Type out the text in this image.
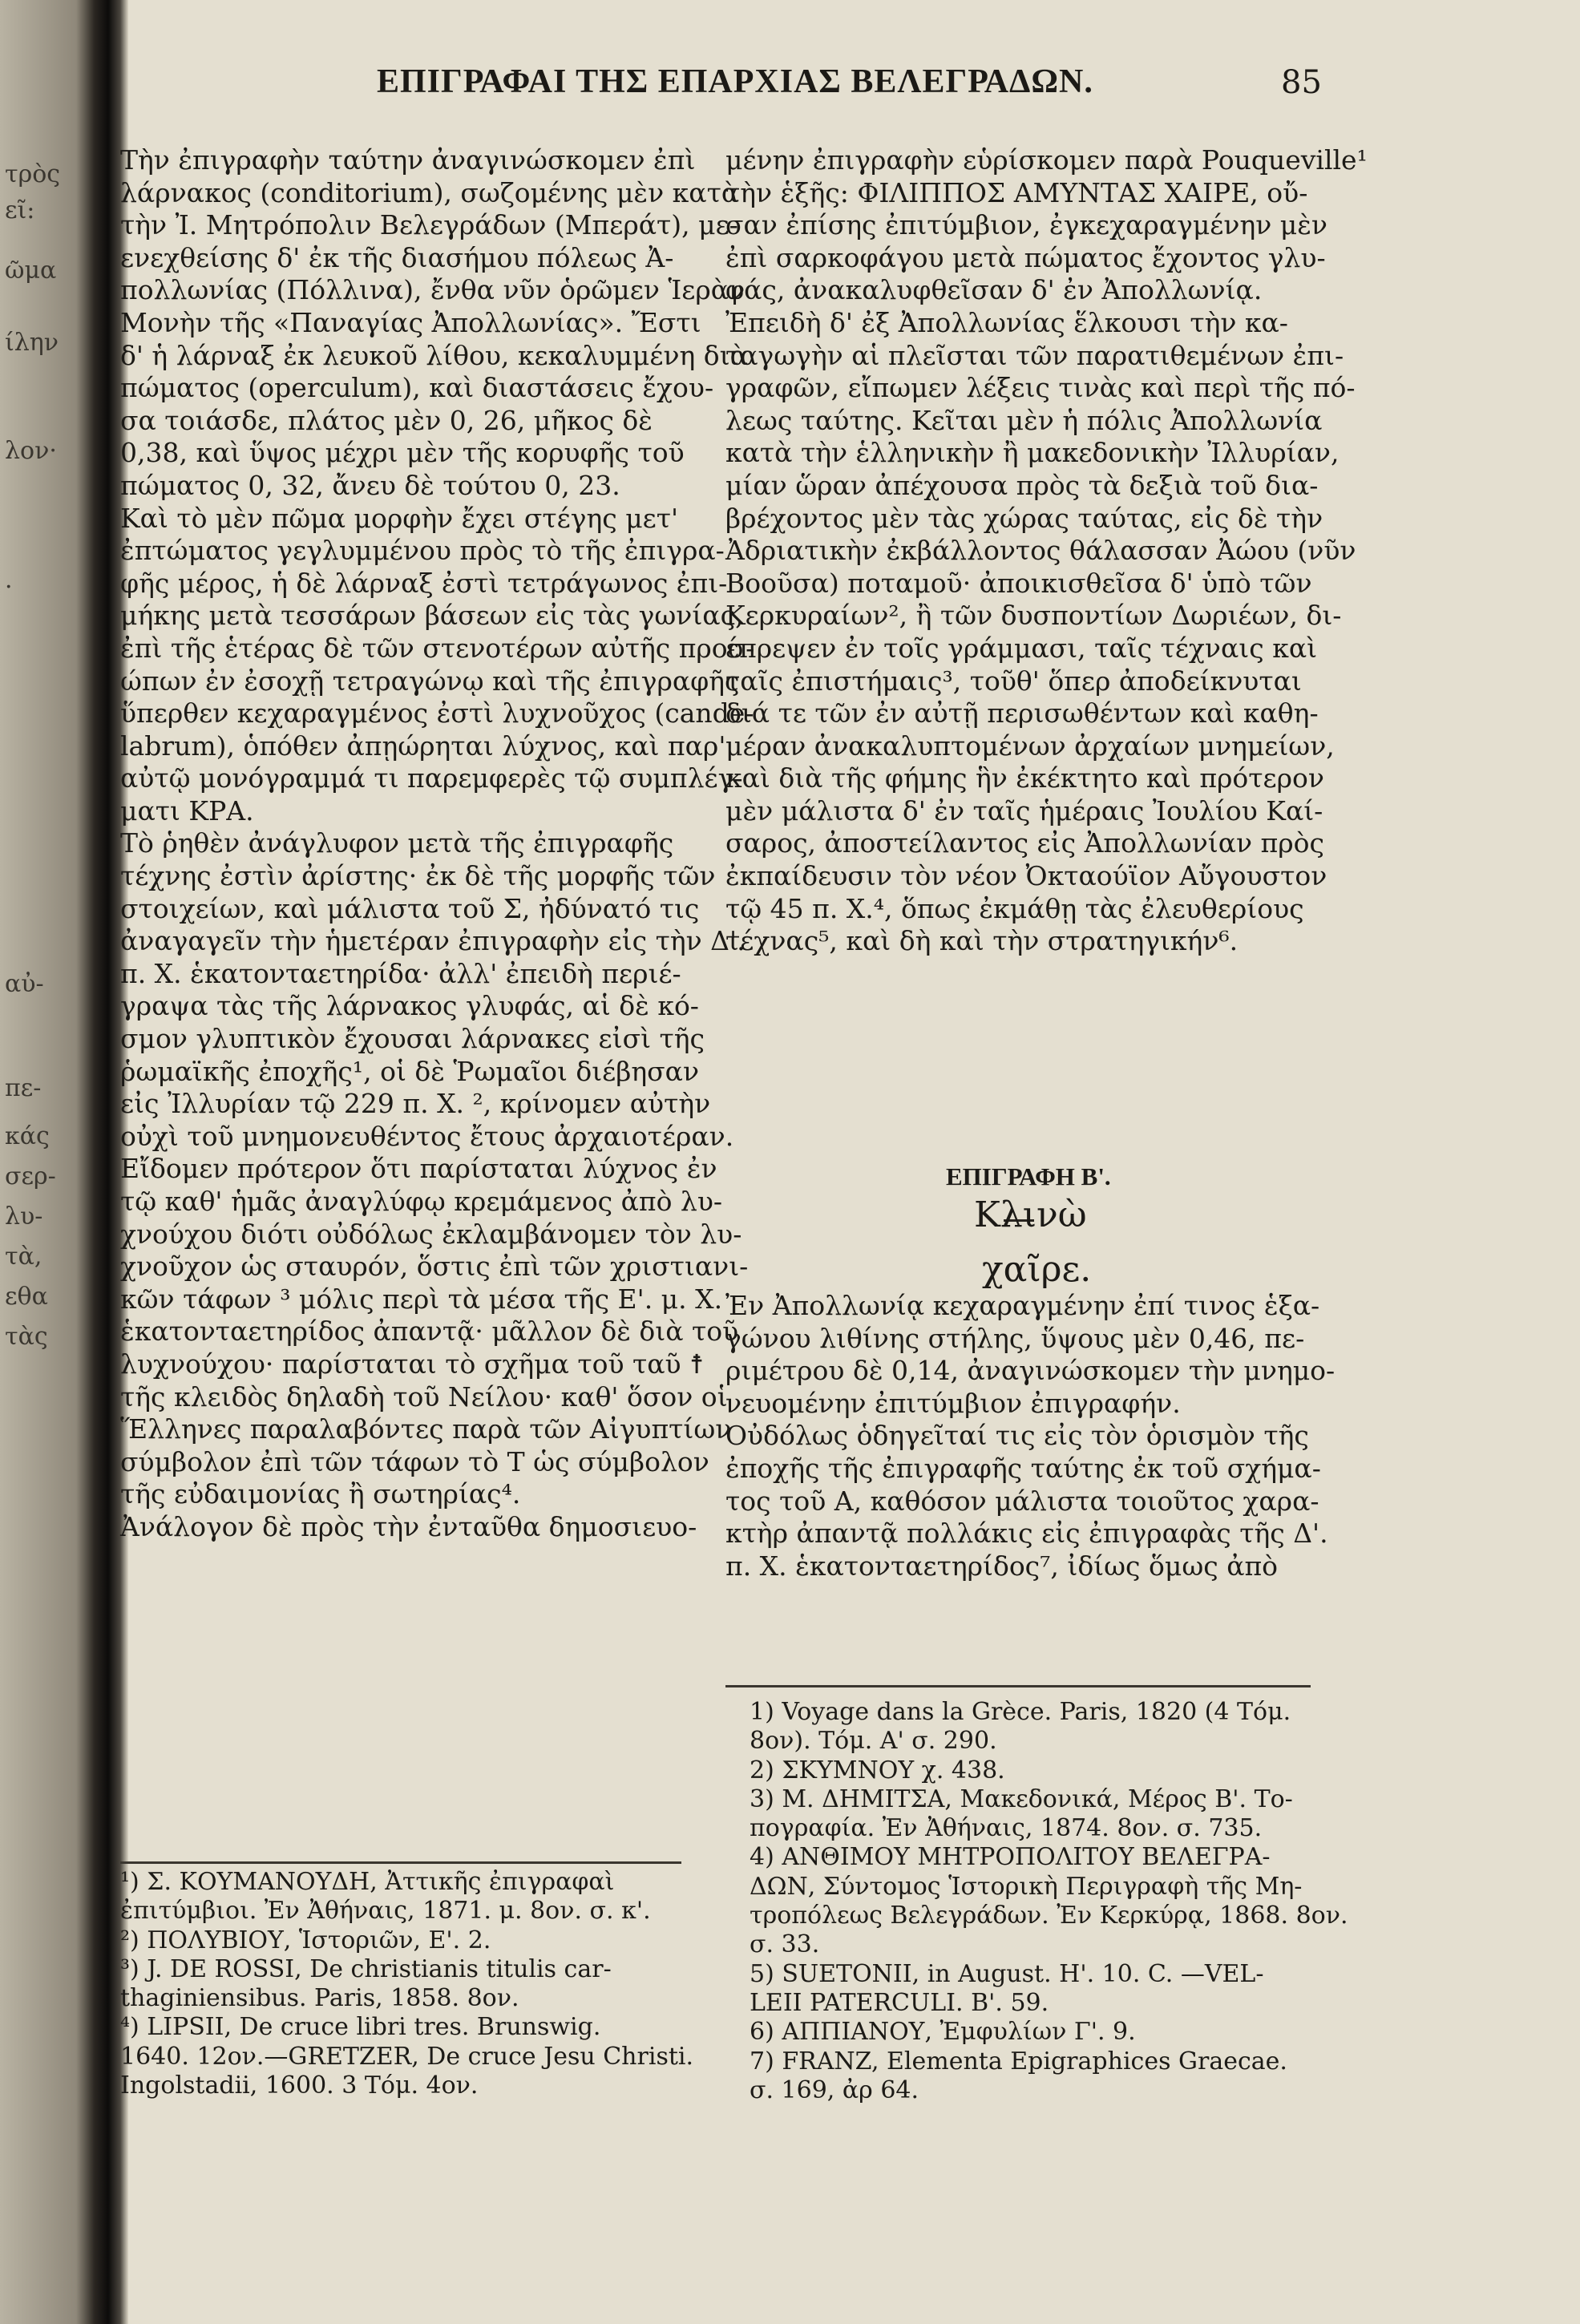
τρὸς
εῖ:
ῶμα
ίλην
λον·
·
αὐ-
πε-
κάς
σερ-
λυ-
τὰ,
εθα
τὰς
ΕΠΙΓΡΑΦΑΙ ΤΗΣ ΕΠΑΡΧΙΑΣ ΒΕΛΕΓΡΑΔΩΝ.	85
Τὴν ἐπιγραφὴν ταύτην ἀναγινώσκομεν ἐπὶ
λάρνακος (conditorium), σωζομένης μὲν κατὰ
τὴν Ἰ. Μητρόπολιν Βελεγράδων (Μπεράτ), με-
ενεχθείσης δ' ἐκ τῆς διασήμου πόλεως Ἀ-
πολλωνίας (Πόλλινα), ἔνθα νῦν ὁρῶμεν Ἱερὰν
Μονὴν τῆς «Παναγίας Ἀπολλωνίας». Ἔστι
δ' ἡ λάρναξ ἐκ λευκοῦ λίθου, κεκαλυμμένη διὰ
πώματος (operculum), καὶ διαστάσεις ἔχου-
σα τοιάσδε, πλάτος μὲν 0, 26, μῆκος δὲ
0,38, καὶ ὕψος μέχρι μὲν τῆς κορυφῆς τοῦ
πώματος 0, 32, ἄνευ δὲ τούτου 0, 23.
Καὶ τὸ μὲν πῶμα μορφὴν ἔχει στέγης μετ'
ἐπτώματος γεγλυμμένου πρὸς τὸ τῆς ἐπιγρα-
φῆς μέρος, ἡ δὲ λάρναξ ἐστὶ τετράγωνος ἐπι-
μήκης μετὰ τεσσάρων βάσεων εἰς τὰς γωνίας,
ἐπὶ τῆς ἑτέρας δὲ τῶν στενοτέρων αὐτῆς προσ-
ώπων ἐν ἐσοχῇ τετραγώνῳ καὶ τῆς ἐπιγραφῆς
ὕπερθεν κεχαραγμένος ἐστὶ λυχνοῦχος (cande-
labrum), ὁπόθεν ἀπῃώρηται λύχνος, καὶ παρ'
αὐτῷ μονόγραμμά τι παρεμφερὲς τῷ συμπλέγ-
ματι ΚΡΑ.
Τὸ ῥηθὲν ἀνάγλυφον μετὰ τῆς ἐπιγραφῆς
τέχνης ἐστὶν ἀρίστης· ἐκ δὲ τῆς μορφῆς τῶν
στοιχείων, καὶ μάλιστα τοῦ Σ, ἠδύνατό τις
ἀναγαγεῖν τὴν ἡμετέραν ἐπιγραφὴν εἰς τὴν Δ'.
π. Χ. ἑκατονταετηρίδα· ἀλλ' ἐπειδὴ περιέ-
γραψα τὰς τῆς λάρνακος γλυφάς, αἱ δὲ κό-
σμον γλυπτικὸν ἔχουσαι λάρνακες εἰσὶ τῆς
ῥωμαϊκῆς ἐποχῆς¹, οἱ δὲ Ῥωμαῖοι διέβησαν
εἰς Ἰλλυρίαν τῷ 229 π. Χ. ², κρίνομεν αὐτὴν
οὐχὶ τοῦ μνημονευθέντος ἔτους ἀρχαιοτέραν.
Εἴδομεν πρότερον ὅτι παρίσταται λύχνος ἐν
τῷ καθ' ἡμᾶς ἀναγλύφῳ κρεμάμενος ἀπὸ λυ-
χνούχου διότι οὐδόλως ἐκλαμβάνομεν τὸν λυ-
χνοῦχον ὡς σταυρόν, ὅστις ἐπὶ τῶν χριστιανι-
κῶν τάφων ³ μόλις περὶ τὰ μέσα τῆς Ε'. μ. Χ.
ἑκατονταετηρίδος ἀπαντᾷ· μᾶλλον δὲ διὰ τοῦ
λυχνούχου· παρίσταται τὸ σχῆμα τοῦ ταῦ ☨
τῆς κλειδὸς δηλαδὴ τοῦ Νείλου· καθ' ὅσον οἱ
Ἕλληνες παραλαβόντες παρὰ τῶν Αἰγυπτίων
σύμβολον ἐπὶ τῶν τάφων τὸ Τ ὡς σύμβολον
τῆς εὐδαιμονίας ἢ σωτηρίας⁴.
Ἀνάλογον δὲ πρὸς τὴν ἐνταῦθα δημοσιευο-
μένην ἐπιγραφὴν εὑρίσκομεν παρὰ Pouqueville¹
τὴν ἑξῆς: ΦΙΛΙΠΠΟΣ ΑΜΥΝΤΑΣ ΧΑΙΡΕ, οὔ-
σαν ἐπίσης ἐπιτύμβιον, ἐγκεχαραγμένην μὲν
ἐπὶ σαρκοφάγου μετὰ πώματος ἔχοντος γλυ-
φάς, ἀνακαλυφθεῖσαν δ' ἐν Ἀπολλωνίᾳ.
Ἐπειδὴ δ' ἐξ Ἀπολλωνίας ἕλκουσι τὴν κα-
ταγωγὴν αἱ πλεῖσται τῶν παρατιθεμένων ἐπι-
γραφῶν, εἴπωμεν λέξεις τινὰς καὶ περὶ τῆς πό-
λεως ταύτης. Κεῖται μὲν ἡ πόλις Ἀπολλωνία
κατὰ τὴν ἑλληνικὴν ἢ μακεδονικὴν Ἰλλυρίαν,
μίαν ὥραν ἀπέχουσα πρὸς τὰ δεξιὰ τοῦ δια-
βρέχοντος μὲν τὰς χώρας ταύτας, εἰς δὲ τὴν
Ἀδριατικὴν ἐκβάλλοντος θάλασσαν Ἀώου (νῦν
Βοοῦσα) ποταμοῦ· ἀποικισθεῖσα δ' ὑπὸ τῶν
Κερκυραίων², ἢ τῶν δυσποντίων Δωριέων, δι-
έπρεψεν ἐν τοῖς γράμμασι, ταῖς τέχναις καὶ
ταῖς ἐπιστήμαις³, τοῦθ' ὅπερ ἀποδείκνυται
διά τε τῶν ἐν αὐτῇ περισωθέντων καὶ καθη-
μέραν ἀνακαλυπτομένων ἀρχαίων μνημείων,
καὶ διὰ τῆς φήμης ἣν ἐκέκτητο καὶ πρότερον
μὲν μάλιστα δ' ἐν ταῖς ἡμέραις Ἰουλίου Καί-
σαρος, ἀποστείλαντος εἰς Ἀπολλωνίαν πρὸς
ἐκπαίδευσιν τὸν νέον Ὀκταούϊον Αὔγουστον
τῷ 45 π. Χ.⁴, ὅπως ἐκμάθῃ τὰς ἐλευθερίους
τέχνας⁵, καὶ δὴ καὶ τὴν στρατηγικήν⁶.
ΕΠΙΓΡΑΦΗ Β'.
Κλινὼ
χαῖρε.
Ἐν Ἀπολλωνίᾳ κεχαραγμένην ἐπί τινος ἑξα-
γώνου λιθίνης στήλης, ὕψους μὲν 0,46, πε-
ριμέτρου δὲ 0,14, ἀναγινώσκομεν τὴν μνημο-
νευομένην ἐπιτύμβιον ἐπιγραφήν.
Οὐδόλως ὁδηγεῖταί τις εἰς τὸν ὁρισμὸν τῆς
ἐποχῆς τῆς ἐπιγραφῆς ταύτης ἐκ τοῦ σχήμα-
τος τοῦ Α, καθόσον μάλιστα τοιοῦτος χαρα-
κτὴρ ἀπαντᾷ πολλάκις εἰς ἐπιγραφὰς τῆς Δ'.
π. Χ. ἑκατονταετηρίδος⁷, ἰδίως ὅμως ἀπὸ
¹) Σ. ΚΟΥΜΑΝΟΥΔΗ, Ἀττικῆς ἐπιγραφαὶ
ἐπιτύμβιοι. Ἐν Ἀθήναις, 1871. μ. 8ον. σ. κ'.
²) ΠΟΛΥΒΙΟΥ, Ἱστοριῶν, Ε'. 2.
³) J. DE ROSSI, De christianis titulis car-
thaginiensibus. Paris, 1858. 8ον.
⁴) LIPSII, De cruce libri tres. Brunswig.
1640. 12ον.—GRETZER, De cruce Jesu Christi.
Ingolstadii, 1600. 3 Τόμ. 4ον.
1) Voyage dans la Grèce. Paris, 1820 (4 Τόμ.
8ον). Τόμ. Α' σ. 290.
2) ΣΚΥΜΝΟΥ χ. 438.
3) Μ. ΔΗΜΙΤΣΑ, Μακεδονικά, Μέρος Β'. Το-
πογραφία. Ἐν Ἀθήναις, 1874. 8ον. σ. 735.
4) ΑΝΘΙΜΟΥ ΜΗΤΡΟΠΟΛΙΤΟΥ ΒΕΛΕΓΡΑ-
ΔΩΝ, Σύντομος Ἱστορικὴ Περιγραφὴ τῆς Μη-
τροπόλεως Βελεγράδων. Ἐν Κερκύρᾳ, 1868. 8ον.
σ. 33.
5) SUETONII, in August. Η'. 10. C. —VEL-
LEII PATERCULI. Β'. 59.
6) ΑΠΠΙΑΝΟΥ, Ἐμφυλίων Γ'. 9.
7) FRANZ, Elementa Epigraphices Graecae.
σ. 169, ἀρ 64.
